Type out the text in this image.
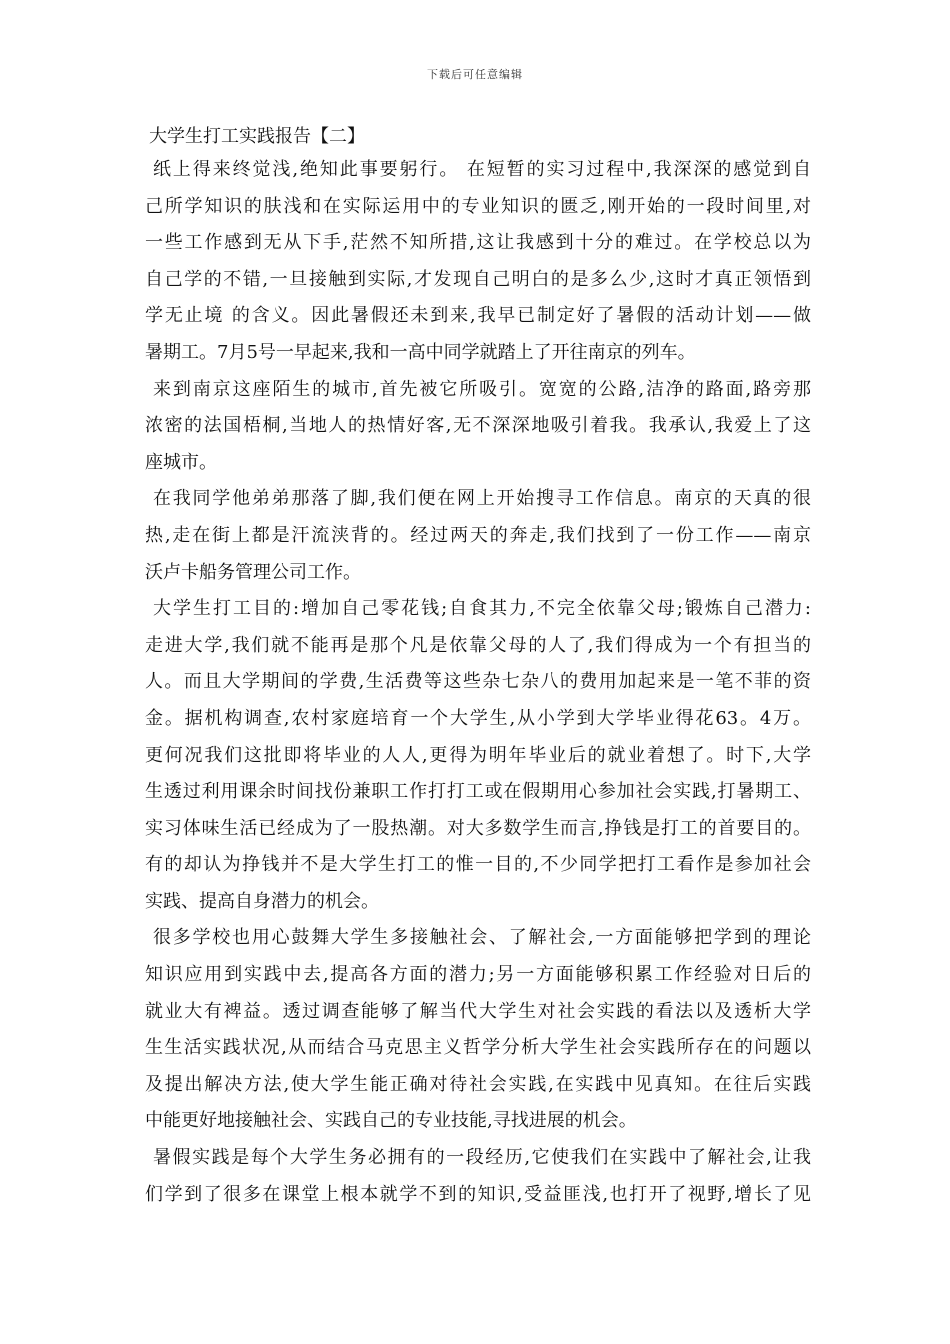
下载后可任意编辑
大学生打工实践报告【二】

纸上得来终觉浅,绝知此事要躬行。 在短暂的实习过程中,我深深的感觉到自
己所学知识的肤浅和在实际运用中的专业知识的匮乏,刚开始的一段时间里,对
一些工作感到无从下手,茫然不知所措,这让我感到十分的难过。在学校总以为
自己学的不错,一旦接触到实际,才发现自己明白的是多么少,这时才真正领悟到
学无止境 的含义。因此暑假还未到来,我早已制定好了暑假的活动计划——做
暑期工。7月5号一早起来,我和一高中同学就踏上了开往南京的列车。

来到南京这座陌生的城市,首先被它所吸引。宽宽的公路,洁净的路面,路旁那
浓密的法国梧桐,当地人的热情好客,无不深深地吸引着我。我承认,我爱上了这
座城市。

在我同学他弟弟那落了脚,我们便在网上开始搜寻工作信息。南京的天真的很
热,走在街上都是汗流浃背的。经过两天的奔走,我们找到了一份工作——南京
沃卢卡船务管理公司工作。

大学生打工目的:增加自己零花钱;自食其力,不完全依靠父母;锻炼自己潜力:
走进大学,我们就不能再是那个凡是依靠父母的人了,我们得成为一个有担当的
人。而且大学期间的学费,生活费等这些杂七杂八的费用加起来是一笔不菲的资
金。据机构调查,农村家庭培育一个大学生,从小学到大学毕业得花63。4万。
更何况我们这批即将毕业的人人,更得为明年毕业后的就业着想了。时下,大学
生透过利用课余时间找份兼职工作打打工或在假期用心参加社会实践,打暑期工、
实习体味生活已经成为了一股热潮。对大多数学生而言,挣钱是打工的首要目的。
有的却认为挣钱并不是大学生打工的惟一目的,不少同学把打工看作是参加社会
实践、提高自身潜力的机会。

很多学校也用心鼓舞大学生多接触社会、了解社会,一方面能够把学到的理论
知识应用到实践中去,提高各方面的潜力;另一方面能够积累工作经验对日后的
就业大有裨益。透过调查能够了解当代大学生对社会实践的看法以及透析大学
生生活实践状况,从而结合马克思主义哲学分析大学生社会实践所存在的问题以
及提出解决方法,使大学生能正确对待社会实践,在实践中见真知。在往后实践
中能更好地接触社会、实践自己的专业技能,寻找进展的机会。

暑假实践是每个大学生务必拥有的一段经历,它使我们在实践中了解社会,让我
们学到了很多在课堂上根本就学不到的知识,受益匪浅,也打开了视野,增长了见
